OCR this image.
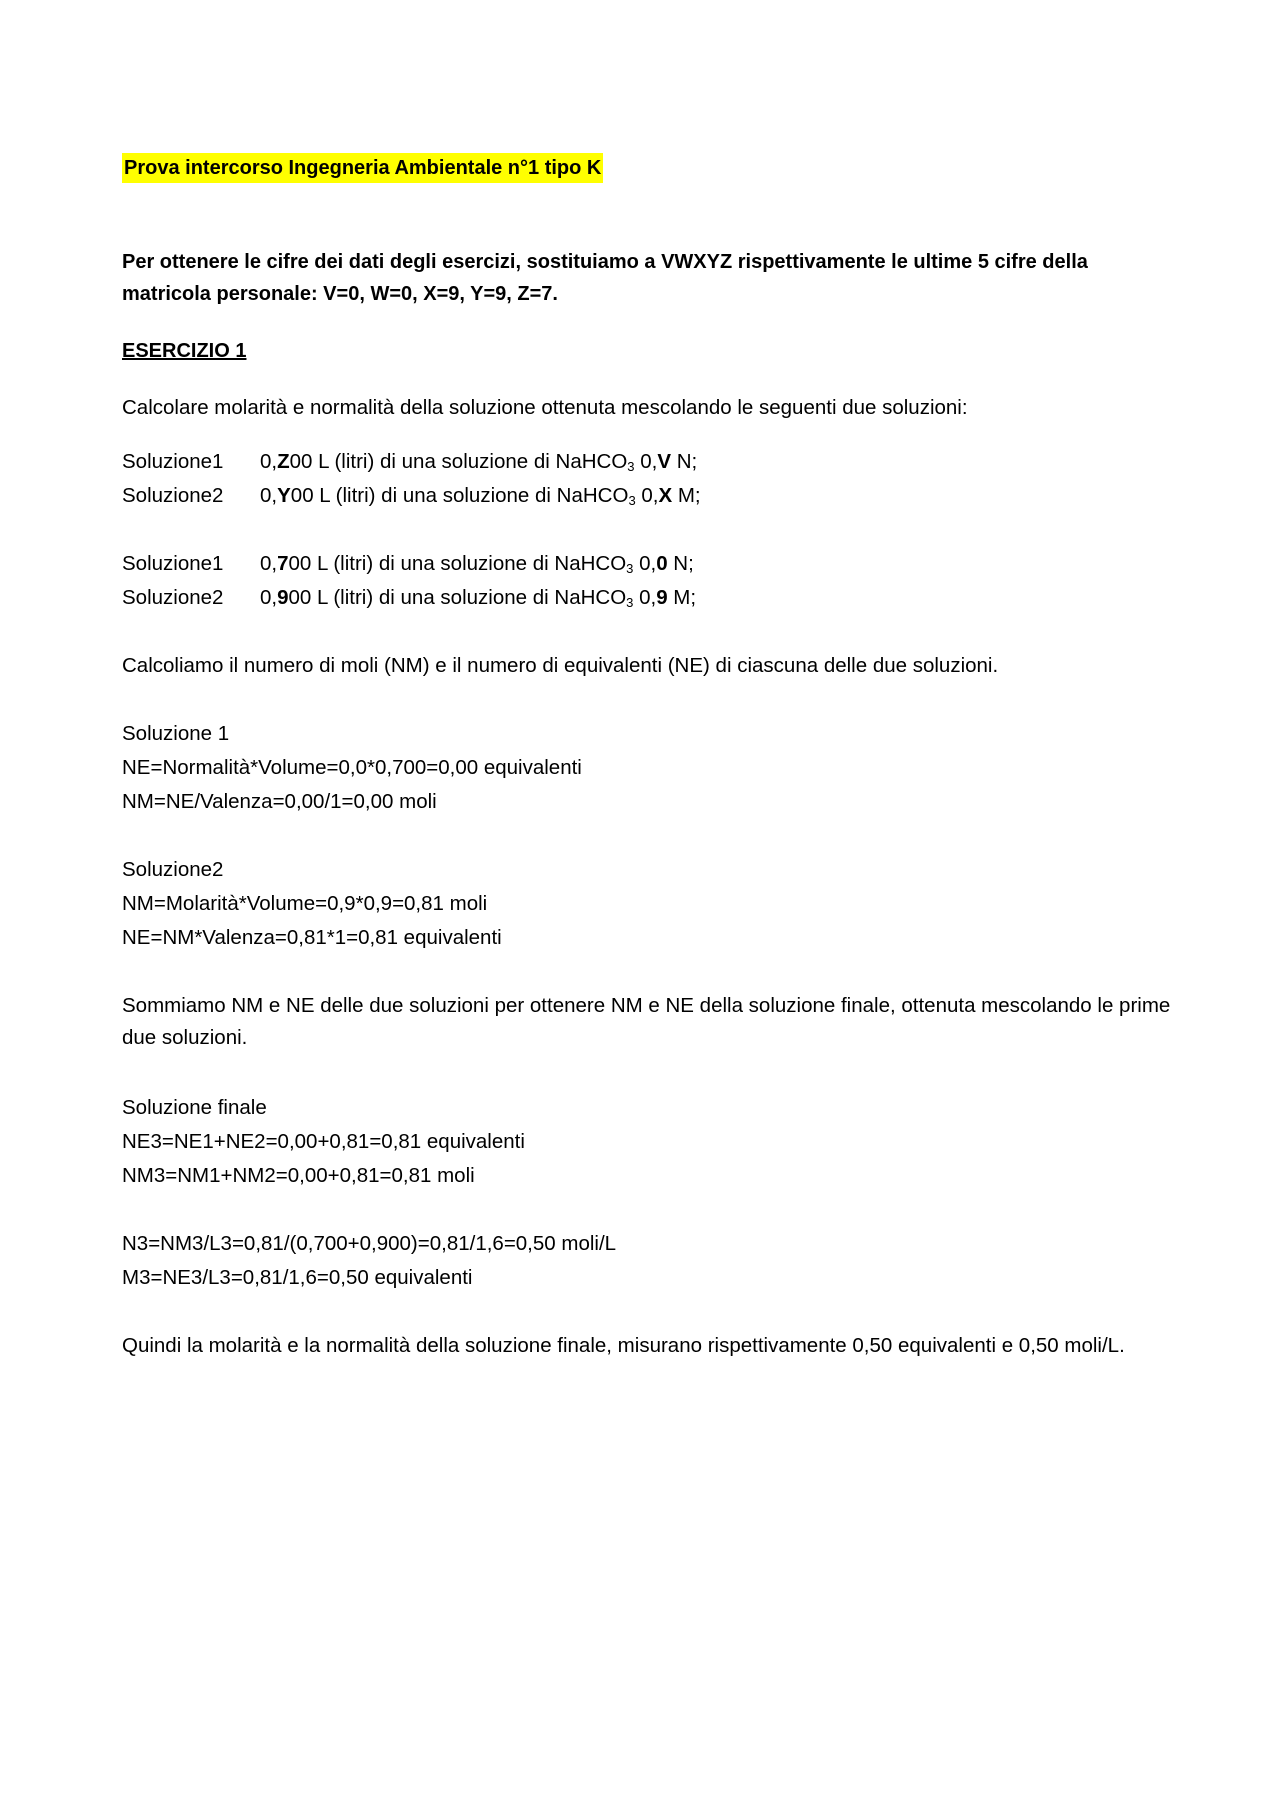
Prova intercorso Ingegneria Ambientale n°1 tipo K
Per ottenere le cifre dei dati degli esercizi, sostituiamo a VWXYZ rispettivamente le ultime 5 cifre della matricola personale: V=0, W=0, X=9, Y=9, Z=7.
ESERCIZIO 1
Calcolare molarità e normalità della soluzione ottenuta mescolando le seguenti due soluzioni:
Soluzione1 0,Z00 L (litri) di una soluzione di NaHCO$_3$ 0,V N;
Soluzione2 0,Y00 L (litri) di una soluzione di NaHCO$_3$ 0,X M;
Soluzione1 0,700 L (litri) di una soluzione di NaHCO$_3$ 0,0 N;
Soluzione2 0,900 L (litri) di una soluzione di NaHCO$_3$ 0,9 M;
Calcoliamo il numero di moli (NM) e il numero di equivalenti (NE) di ciascuna delle due soluzioni.
Soluzione 1
NE=Normalità*Volume=0,0*0,700=0,00 equivalenti
NM=NE/Valenza=0,00/1=0,00 moli
Soluzione2
NM=Molarità*Volume=0,9*0,9=0,81 moli
NE=NM*Valenza=0,81*1=0,81 equivalenti
Sommiamo NM e NE delle due soluzioni per ottenere NM e NE della soluzione finale, ottenuta mescolando le prime due soluzioni.
Soluzione finale
NE3=NE1+NE2=0,00+0,81=0,81 equivalenti
NM3=NM1+NM2=0,00+0,81=0,81 moli
N3=NM3/L3=0,81/(0,700+0,900)=0,81/1,6=0,50 moli/L
M3=NE3/L3=0,81/1,6=0,50 equivalenti
Quindi la molarità e la normalità della soluzione finale, misurano rispettivamente 0,50 equivalenti e 0,50 moli/L.
